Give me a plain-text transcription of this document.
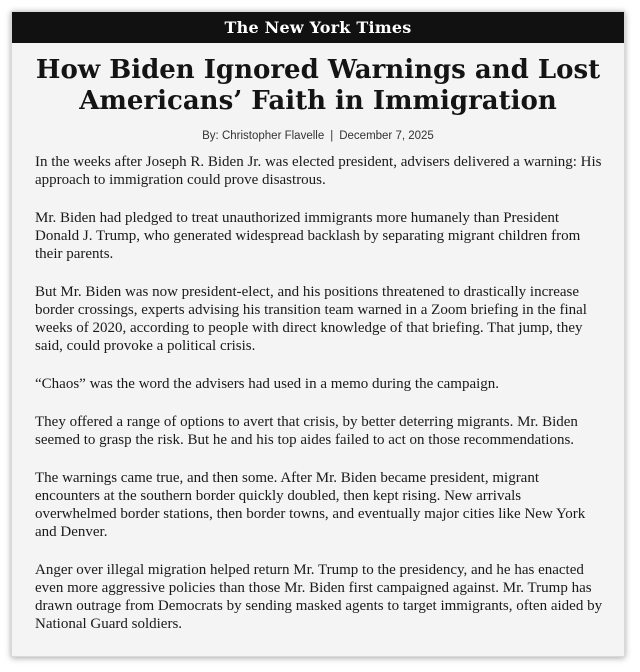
The New York Times
How Biden Ignored Warnings and Lost
Americans’ Faith in Immigration
By: Christopher Flavelle | December 7, 2025

In the weeks after Joseph R. Biden Jr. was elected president, advisers delivered a warning: His approach to immigration could prove disastrous.

Mr. Biden had pledged to treat unauthorized immigrants more humanely than President Donald J. Trump, who generated widespread backlash by separating migrant children from their parents.

But Mr. Biden was now president-elect, and his positions threatened to drastically increase border crossings, experts advising his transition team warned in a Zoom briefing in the final weeks of 2020, according to people with direct knowledge of that briefing. That jump, they said, could provoke a political crisis.

“Chaos” was the word the advisers had used in a memo during the campaign.

They offered a range of options to avert that crisis, by better deterring migrants. Mr. Biden seemed to grasp the risk. But he and his top aides failed to act on those recommendations.

The warnings came true, and then some. After Mr. Biden became president, migrant encounters at the southern border quickly doubled, then kept rising. New arrivals overwhelmed border stations, then border towns, and eventually major cities like New York and Denver.

Anger over illegal migration helped return Mr. Trump to the presidency, and he has enacted even more aggressive policies than those Mr. Biden first campaigned against. Mr. Trump has drawn outrage from Democrats by sending masked agents to target immigrants, often aided by National Guard soldiers.
